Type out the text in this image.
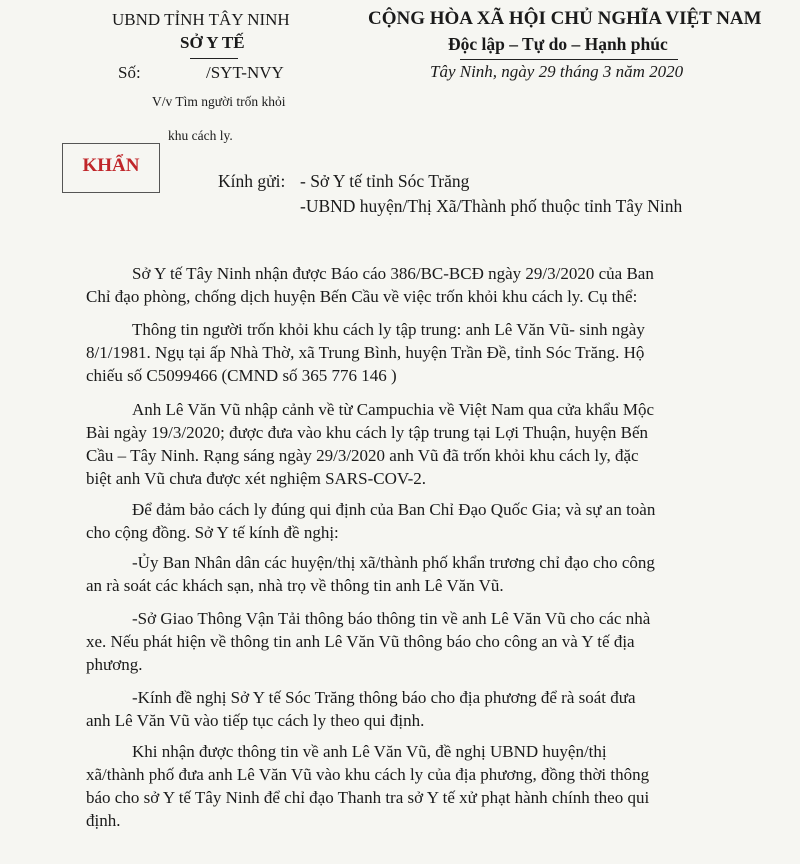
UBND TỈNH TÂY NINH
SỞ Y TẾ
Số:	/SYT-NVY
V/v Tìm người trốn khỏi
khu cách ly.
CỘNG HÒA XÃ HỘI CHỦ NGHĨA VIỆT NAM
Độc lập – Tự do – Hạnh phúc
Tây Ninh, ngày 29 tháng 3 năm 2020
KHẨN
Kính gửi: - Sở Y tế tỉnh Sóc Trăng
-UBND huyện/Thị Xã/Thành phố thuộc tỉnh Tây Ninh
Sở Y tế Tây Ninh nhận được Báo cáo 386/BC-BCĐ ngày 29/3/2020 của Ban
Chỉ đạo phòng, chống dịch huyện Bến Cầu về việc trốn khỏi khu cách ly. Cụ thể:
Thông tin người trốn khỏi khu cách ly tập trung: anh Lê Văn Vũ- sinh ngày
8/1/1981. Ngụ tại ấp Nhà Thờ, xã Trung Bình, huyện Trần Đề, tỉnh Sóc Trăng. Hộ
chiếu số C5099466 (CMND số 365 776 146 )
Anh Lê Văn Vũ nhập cảnh về từ Campuchia về Việt Nam qua cửa khẩu Mộc
Bài ngày 19/3/2020; được đưa vào khu cách ly tập trung tại Lợi Thuận, huyện Bến
Cầu – Tây Ninh. Rạng sáng ngày 29/3/2020 anh Vũ đã trốn khỏi khu cách ly, đặc
biệt anh Vũ chưa được xét nghiệm SARS-COV-2.
Để đảm bảo cách ly đúng qui định của Ban Chỉ Đạo Quốc Gia; và sự an toàn
cho cộng đồng. Sở Y tế kính đề nghị:
-Ủy Ban Nhân dân các huyện/thị xã/thành phố khẩn trương chỉ đạo cho công
an rà soát các khách sạn, nhà trọ về thông tin anh Lê Văn Vũ.
-Sở Giao Thông Vận Tải thông báo thông tin về anh Lê Văn Vũ cho các nhà
xe. Nếu phát hiện về thông tin anh Lê Văn Vũ thông báo cho công an và Y tế địa
phương.
-Kính đề nghị Sở Y tế Sóc Trăng thông báo cho địa phương để rà soát đưa
anh Lê Văn Vũ vào tiếp tục cách ly theo qui định.
Khi nhận được thông tin về anh Lê Văn Vũ, đề nghị UBND huyện/thị
xã/thành phố đưa anh Lê Văn Vũ vào khu cách ly của địa phương, đồng thời thông
báo cho sở Y tế Tây Ninh để chỉ đạo Thanh tra sở Y tế xử phạt hành chính theo qui
định.
